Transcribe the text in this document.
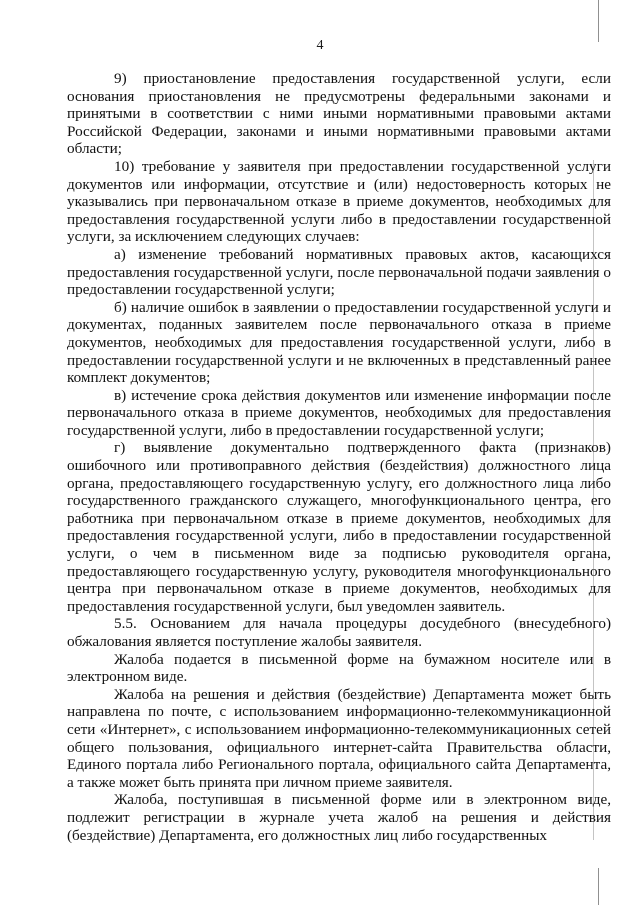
4

9) приостановление предоставления государственной услуги, если основания приостановления не предусмотрены федеральными законами и принятыми в соответствии с ними иными нормативными правовыми актами Российской Федерации, законами и иными нормативными правовыми актами области;

10) требование у заявителя при предоставлении государственной услуги документов или информации, отсутствие и (или) недостоверность которых не указывались при первоначальном отказе в приеме документов, необходимых для предоставления государственной услуги либо в предоставлении государственной услуги, за исключением следующих случаев:

а) изменение требований нормативных правовых актов, касающихся предоставления государственной услуги, после первоначальной подачи заявления о предоставлении государственной услуги;

б) наличие ошибок в заявлении о предоставлении государственной услуги и документах, поданных заявителем после первоначального отказа в приеме документов, необходимых для предоставления государственной услуги, либо в предоставлении государственной услуги и не включенных в представленный ранее комплект документов;

в) истечение срока действия документов или изменение информации после первоначального отказа в приеме документов, необходимых для предоставления государственной услуги, либо в предоставлении государственной услуги;

г) выявление документально подтвержденного факта (признаков) ошибочного или противоправного действия (бездействия) должностного лица органа, предоставляющего государственную услугу, его должностного лица либо государственного гражданского служащего, многофункционального центра, его работника при первоначальном отказе в приеме документов, необходимых для предоставления государственной услуги, либо в предоставлении государственной услуги, о чем в письменном виде за подписью руководителя органа, предоставляющего государственную услугу, руководителя многофункционального центра при первоначальном отказе в приеме документов, необходимых для предоставления государственной услуги, был уведомлен заявитель.

5.5. Основанием для начала процедуры досудебного (внесудебного) обжалования является поступление жалобы заявителя.

Жалоба подается в письменной форме на бумажном носителе или в электронном виде.

Жалоба на решения и действия (бездействие) Департамента может быть направлена по почте, с использованием информационно-телекоммуникационной сети «Интернет», с использованием информационно-телекоммуникационных сетей общего пользования, официального интернет-сайта Правительства области, Единого портала либо Регионального портала, официального сайта Департамента, а также может быть принята при личном приеме заявителя.

Жалоба, поступившая в письменной форме или в электронном виде, подлежит регистрации в журнале учета жалоб на решения и действия (бездействие) Департамента, его должностных лиц либо государственных
